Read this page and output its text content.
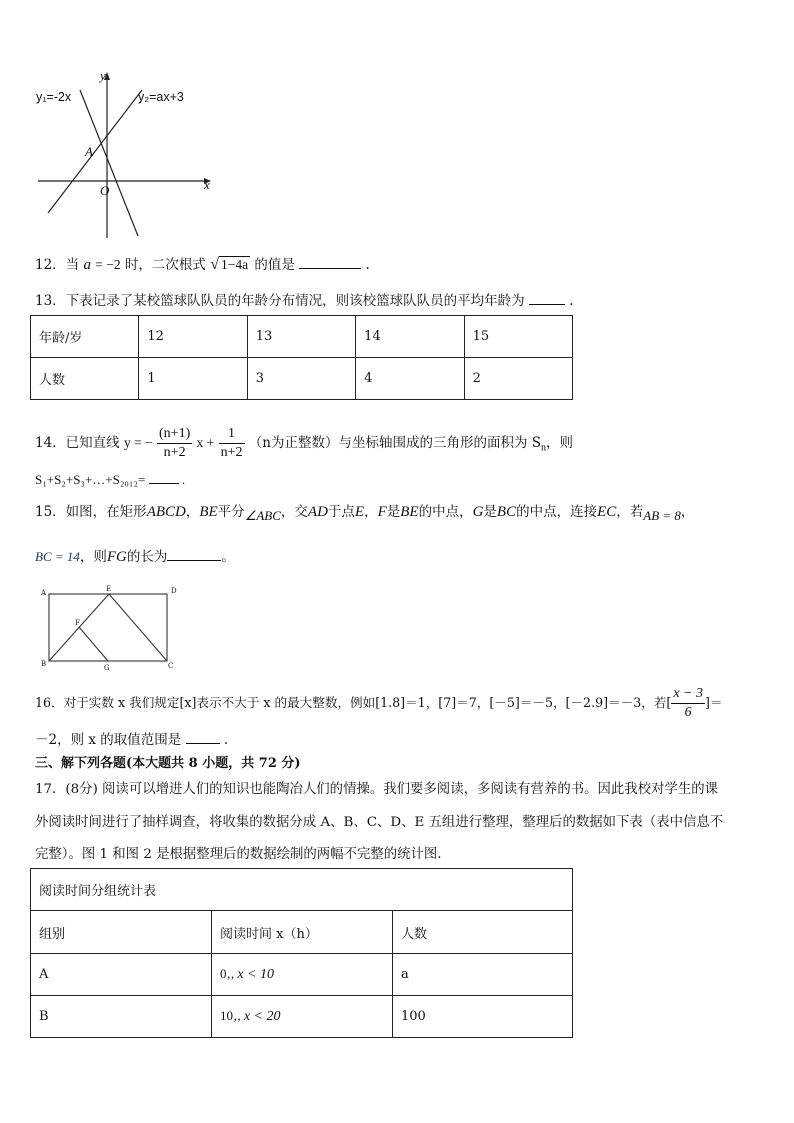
y₁=-2x	y₂=ax+3
A
O	x
y
12．当 a = −2 时，二次根式 √ 1−4a 的值是	.
13．下表记录了某校篮球队队员的年龄分布情况，则该校篮球队队员的平均年龄为	.
年龄/岁	12	13	14	15
人数	1	3	4	2
14．已知直线 y = − $\frac{(n+1)}{n+2}$ $x + \frac{1}{n+2} (n$为正整数）与坐标轴围成的三角形的面积为 $S_n$，则
S₁+S₂+S₃+…+S₂₀₁₂=	.
15．如图，在矩形ABCD，BE平分∠ABC，交AD于点E，F是BE的中点，G是BC的中点，连接EC，若AB = 8，
BC = 14，则FG的长为	。
A	E	D
F
B	G	C
16．对于实数 x 我们规定[x]表示不大于 x 的最大整数，例如[1.8]＝1，[7]＝7，[－5]＝－5，[－2.9]＝－3，若[ $\frac{x - 3}{6}$ ]＝
－2，则 x 的取值范围是	.
三、解下列各题(本大题共 8 小题，共 72 分)
17．(8分) 阅读可以增进人们的知识也能陶冶人们的情操。我们要多阅读，多阅读有营养的书。因此我校对学生的课
外阅读时间进行了抽样调查，将收集的数据分成 A、B、C、D、E 五组进行整理，整理后的数据如下表（表中信息不
完整）。图 1 和图 2 是根据整理后的数据绘制的两幅不完整的统计图.
阅读时间分组统计表		
组别	阅读时间 x（h）	人数
A	0‚, x < 10	a
B	10‚, x < 20	100
